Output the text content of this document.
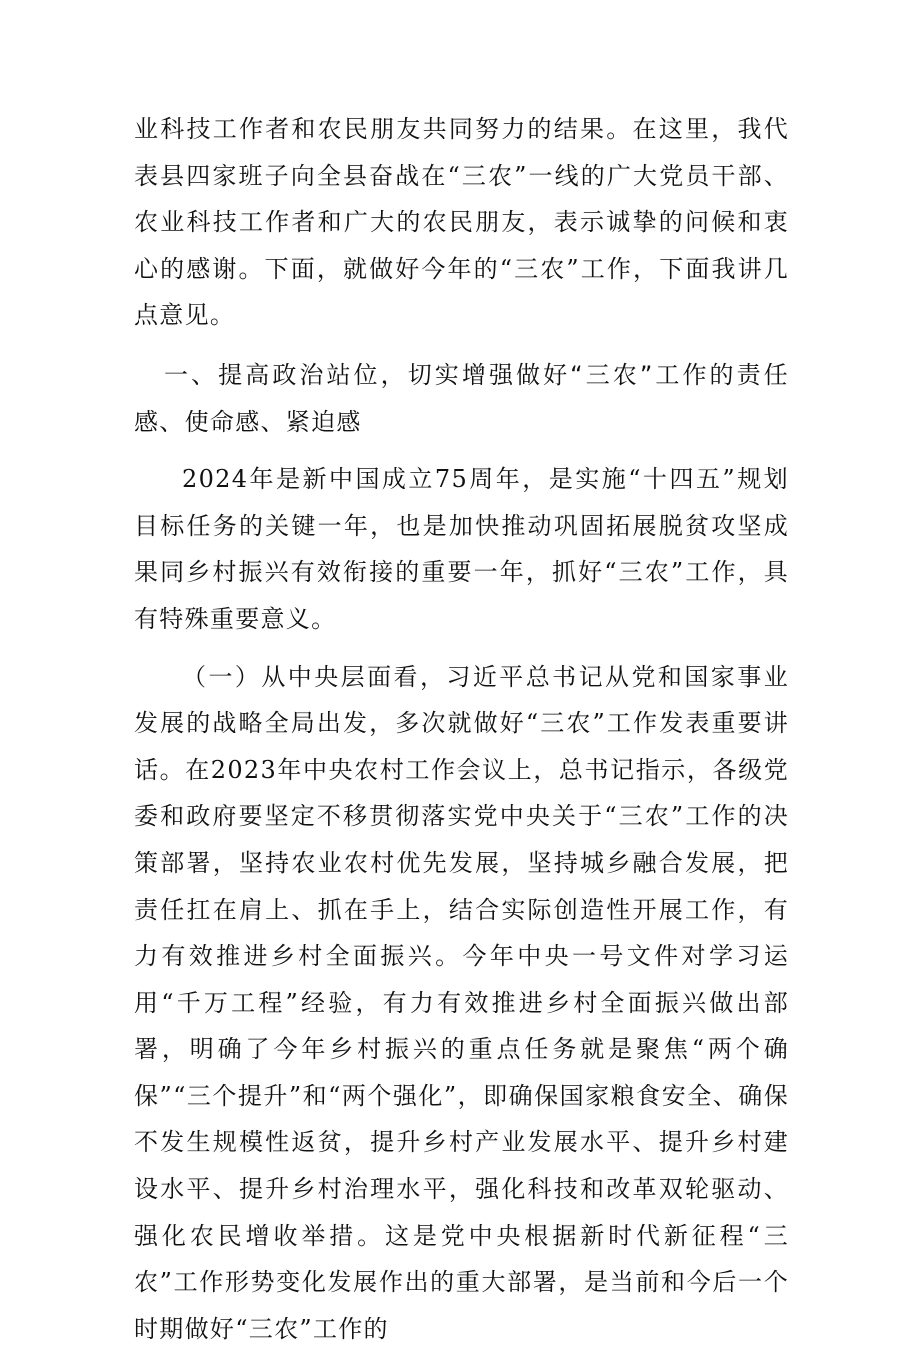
业科技工作者和农民朋友共同努力的结果。在这里，我代表县四家班子向全县奋战在“三农”一线的广大党员干部、农业科技工作者和广大的农民朋友，表示诚挚的问候和衷心的感谢。下面，就做好今年的“三农”工作，下面我讲几点意见。

一、提高政治站位，切实增强做好“三农”工作的责任感、使命感、紧迫感

2024年是新中国成立75周年，是实施“十四五”规划目标任务的关键一年，也是加快推动巩固拓展脱贫攻坚成果同乡村振兴有效衔接的重要一年，抓好“三农”工作，具有特殊重要意义。

（一）从中央层面看，习近平总书记从党和国家事业发展的战略全局出发，多次就做好“三农”工作发表重要讲话。在2023年中央农村工作会议上，总书记指示，各级党委和政府要坚定不移贯彻落实党中央关于“三农”工作的决策部署，坚持农业农村优先发展，坚持城乡融合发展，把责任扛在肩上、抓在手上，结合实际创造性开展工作，有力有效推进乡村全面振兴。今年中央一号文件对学习运用“千万工程”经验，有力有效推进乡村全面振兴做出部署，明确了今年乡村振兴的重点任务就是聚焦“两个确保”“三个提升”和“两个强化”，即确保国家粮食安全、确保不发生规模性返贫，提升乡村产业发展水平、提升乡村建设水平、提升乡村治理水平，强化科技和改革双轮驱动、强化农民增收举措。这是党中央根据新时代新征程“三农”工作形势变化发展作出的重大部署，是当前和今后一个时期做好“三农”工作的
